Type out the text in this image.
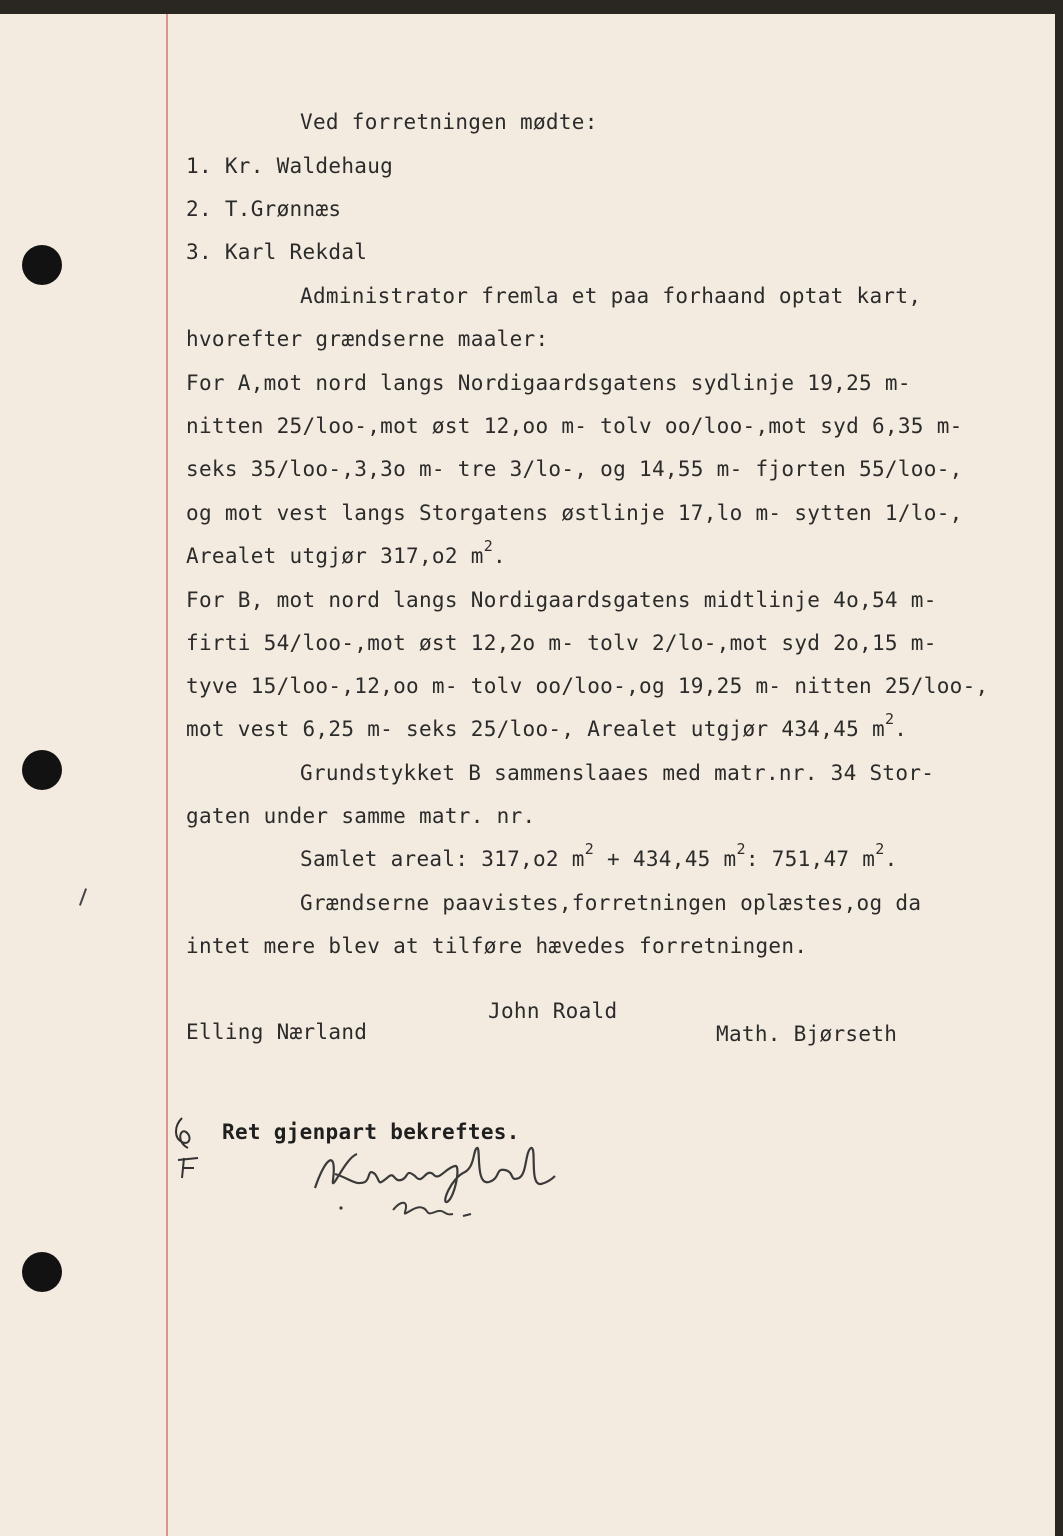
Ved forretningen mødte:
1. Kr. Waldehaug
2. T.Grønnæs
3. Karl Rekdal
Administrator fremla et paa forhaand optat kart,
hvorefter grændserne maaler:
For A,mot nord langs Nordigaardsgatens sydlinje 19,25 m-
nitten 25/loo-,mot øst 12,oo m- tolv oo/loo-,mot syd 6,35 m-
seks 35/loo-,3,3o m- tre 3/lo-, og 14,55 m- fjorten 55/loo-,
og mot vest langs Storgatens østlinje 17,lo m- sytten 1/lo-,
Arealet utgjør 317,o2 $m^2$.
For B, mot nord langs Nordigaardsgatens midtlinje 4o,54 m-
firti 54/loo-,mot øst 12,2o m- tolv 2/lo-,mot syd 2o,15 m-
tyve 15/loo-,12,oo m- tolv oo/loo-,og 19,25 m- nitten 25/loo-,
mot vest 6,25 m- seks 25/loo-, Arealet utgjør 434,45 $m^2$.
Grundstykket B sammenslaaes med matr.nr. 34 Stor-
gaten under samme matr. nr.
Samlet areal: 317,o2 $m^2 + 434,45$ $m^2$: 751,47 $m^2$.
Grændserne paavistes,forretningen oplæstes,og da
intet mere blev at tilføre hævedes forretningen.
John Roald
Elling Nærland	Math. Bjørseth
Ret gjenpart bekreftes.
